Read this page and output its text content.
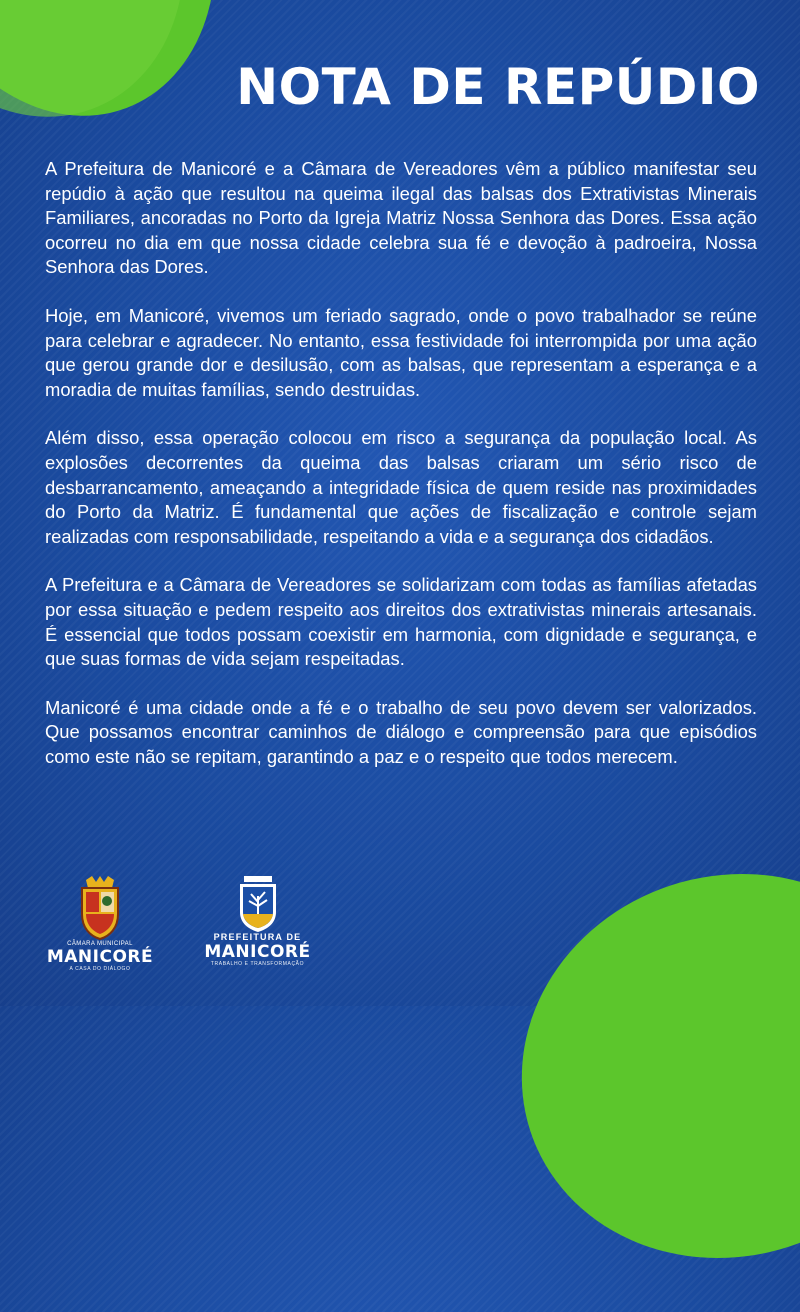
NOTA DE REPÚDIO

A Prefeitura de Manicoré e a Câmara de Vereadores vêm a público manifestar seu repúdio à ação que resultou na queima ilegal das balsas dos Extrativistas Minerais Familiares, ancoradas no Porto da Igreja Matriz Nossa Senhora das Dores. Essa ação ocorreu no dia em que nossa cidade celebra sua fé e devoção à padroeira, Nossa Senhora das Dores.

Hoje, em Manicoré, vivemos um feriado sagrado, onde o povo trabalhador se reúne para celebrar e agradecer. No entanto, essa festividade foi interrompida por uma ação que gerou grande dor e desilusão, com as balsas, que representam a esperança e a moradia de muitas famílias, sendo destruidas.

Além disso, essa operação colocou em risco a segurança da população local. As explosões decorrentes da queima das balsas criaram um sério risco de desbarrancamento, ameaçando a integridade física de quem reside nas proximidades do Porto da Matriz. É fundamental que ações de fiscalização e controle sejam realizadas com responsabilidade, respeitando a vida e a segurança dos cidadãos.

A Prefeitura e a Câmara de Vereadores se solidarizam com todas as famílias afetadas por essa situação e pedem respeito aos direitos dos extrativistas minerais artesanais. É essencial que todos possam coexistir em harmonia, com dignidade e segurança, e que suas formas de vida sejam respeitadas.

Manicoré é uma cidade onde a fé e o trabalho de seu povo devem ser valorizados. Que possamos encontrar caminhos de diálogo e compreensão para que episódios como este não se repitam, garantindo a paz e o respeito que todos merecem.

CÂMARA MUNICIPAL
MANICORÉ
A CASA DO DIÁLOGO
PREFEITURA DE
MANICORÉ
TRABALHO E TRANSFORMAÇÃO
